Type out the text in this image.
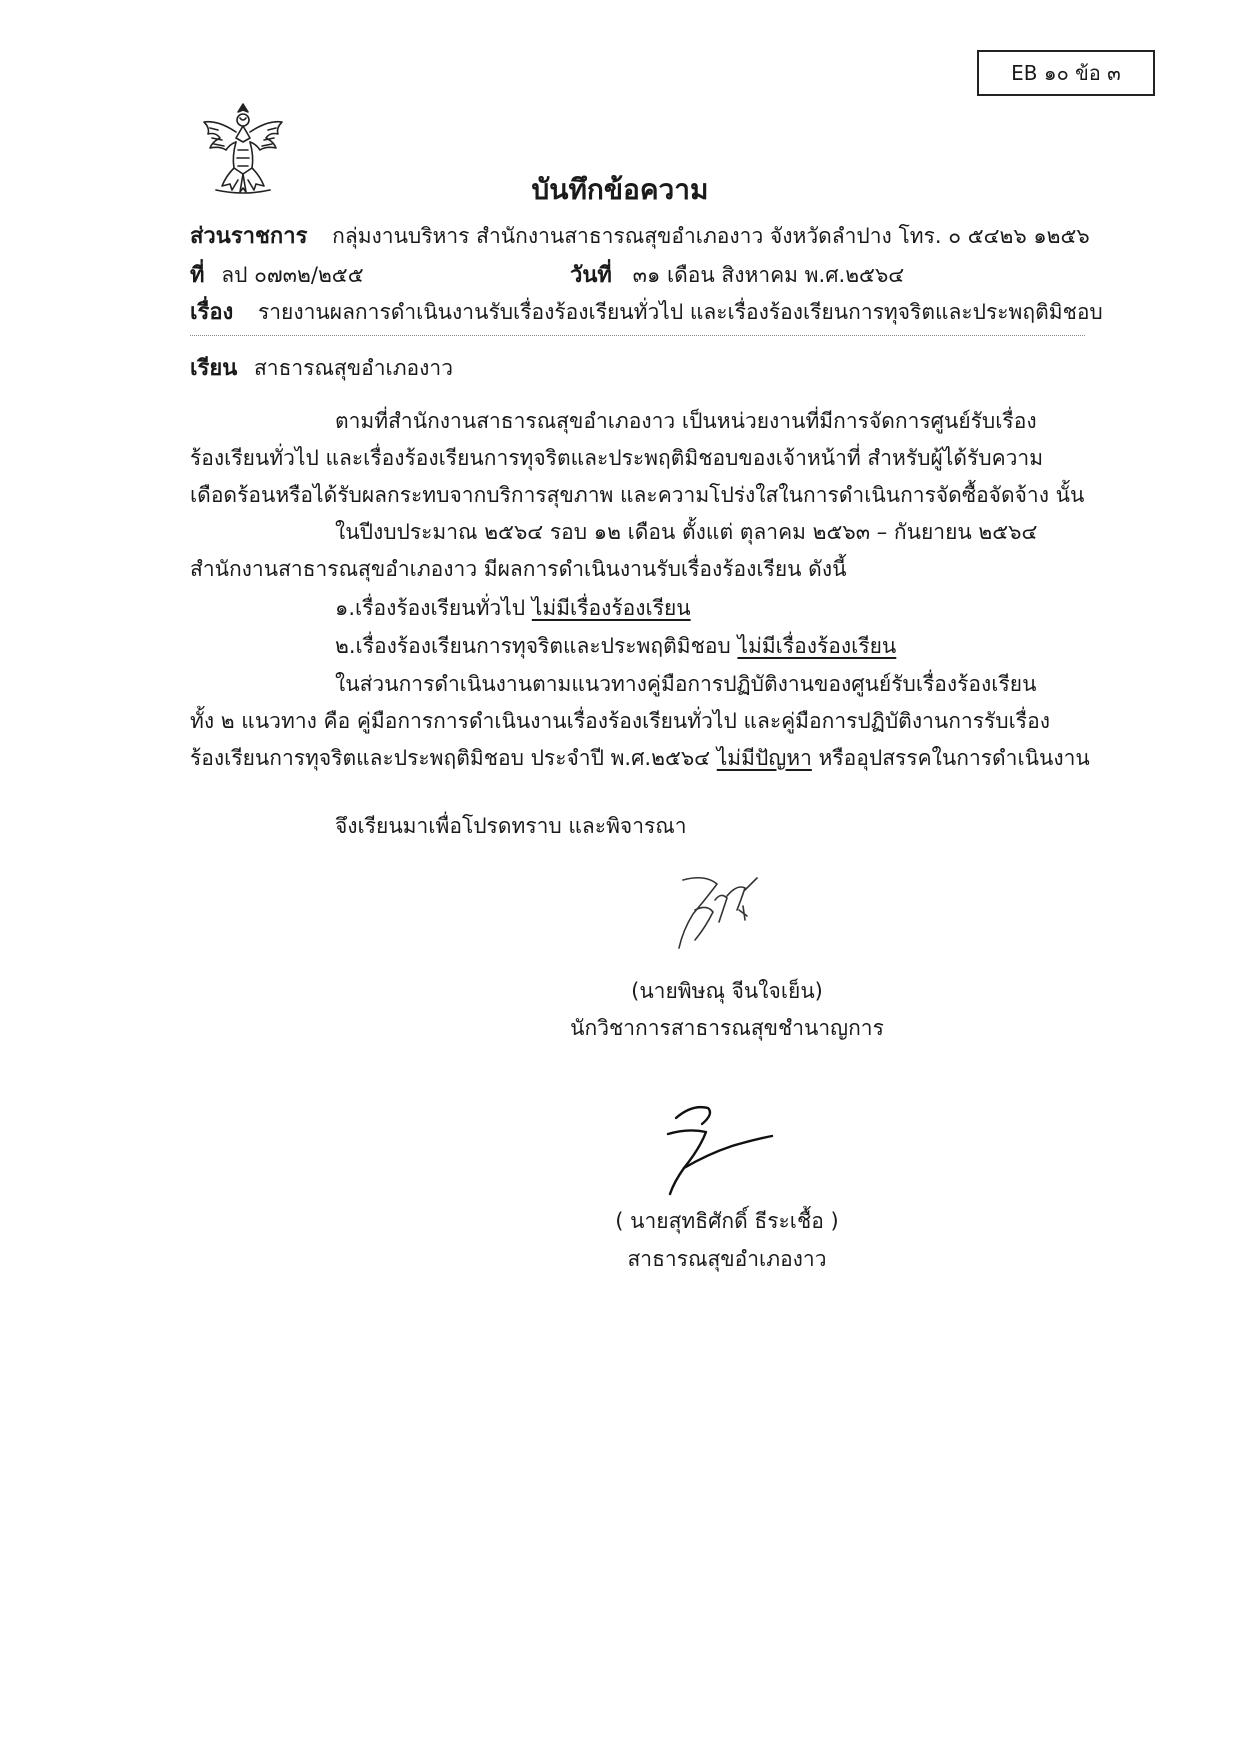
EB ๑๐ ข้อ ๓
บันทึกข้อความ
ส่วนราชการ กลุ่มงานบริหาร สำนักงานสาธารณสุขอำเภองาว จังหวัดลำปาง โทร. ๐ ๕๔๒๖ ๑๒๕๖
ที่ ลป ๐๗๓๒/๒๕๕	วันที่ ๓๑ เดือน สิงหาคม พ.ศ.๒๕๖๔
เรื่อง รายงานผลการดำเนินงานรับเรื่องร้องเรียนทั่วไป และเรื่องร้องเรียนการทุจริตและประพฤติมิชอบ
เรียน สาธารณสุขอำเภองาว
ตามที่สำนักงานสาธารณสุขอำเภองาว เป็นหน่วยงานที่มีการจัดการศูนย์รับเรื่อง
ร้องเรียนทั่วไป และเรื่องร้องเรียนการทุจริตและประพฤติมิชอบของเจ้าหน้าที่ สำหรับผู้ได้รับความ
เดือดร้อนหรือได้รับผลกระทบจากบริการสุขภาพ และความโปร่งใสในการดำเนินการจัดซื้อจัดจ้าง นั้น
ในปีงบประมาณ ๒๕๖๔ รอบ ๑๒ เดือน ตั้งแต่ ตุลาคม ๒๕๖๓ – กันยายน ๒๕๖๔
สำนักงานสาธารณสุขอำเภองาว มีผลการดำเนินงานรับเรื่องร้องเรียน ดังนี้
๑.เรื่องร้องเรียนทั่วไป ไม่มีเรื่องร้องเรียน
๒.เรื่องร้องเรียนการทุจริตและประพฤติมิชอบ ไม่มีเรื่องร้องเรียน
ในส่วนการดำเนินงานตามแนวทางคู่มือการปฏิบัติงานของศูนย์รับเรื่องร้องเรียน
ทั้ง ๒ แนวทาง คือ คู่มือการการดำเนินงานเรื่องร้องเรียนทั่วไป และคู่มือการปฏิบัติงานการรับเรื่อง
ร้องเรียนการทุจริตและประพฤติมิชอบ ประจำปี พ.ศ.๒๕๖๔ ไม่มีปัญหา หรืออุปสรรคในการดำเนินงาน
จึงเรียนมาเพื่อโปรดทราบ และพิจารณา
(นายพิษณุ จีนใจเย็น)
นักวิชาการสาธารณสุขชำนาญการ
( นายสุทธิศักดิ์ ธีระเชื้อ )
สาธารณสุขอำเภองาว
